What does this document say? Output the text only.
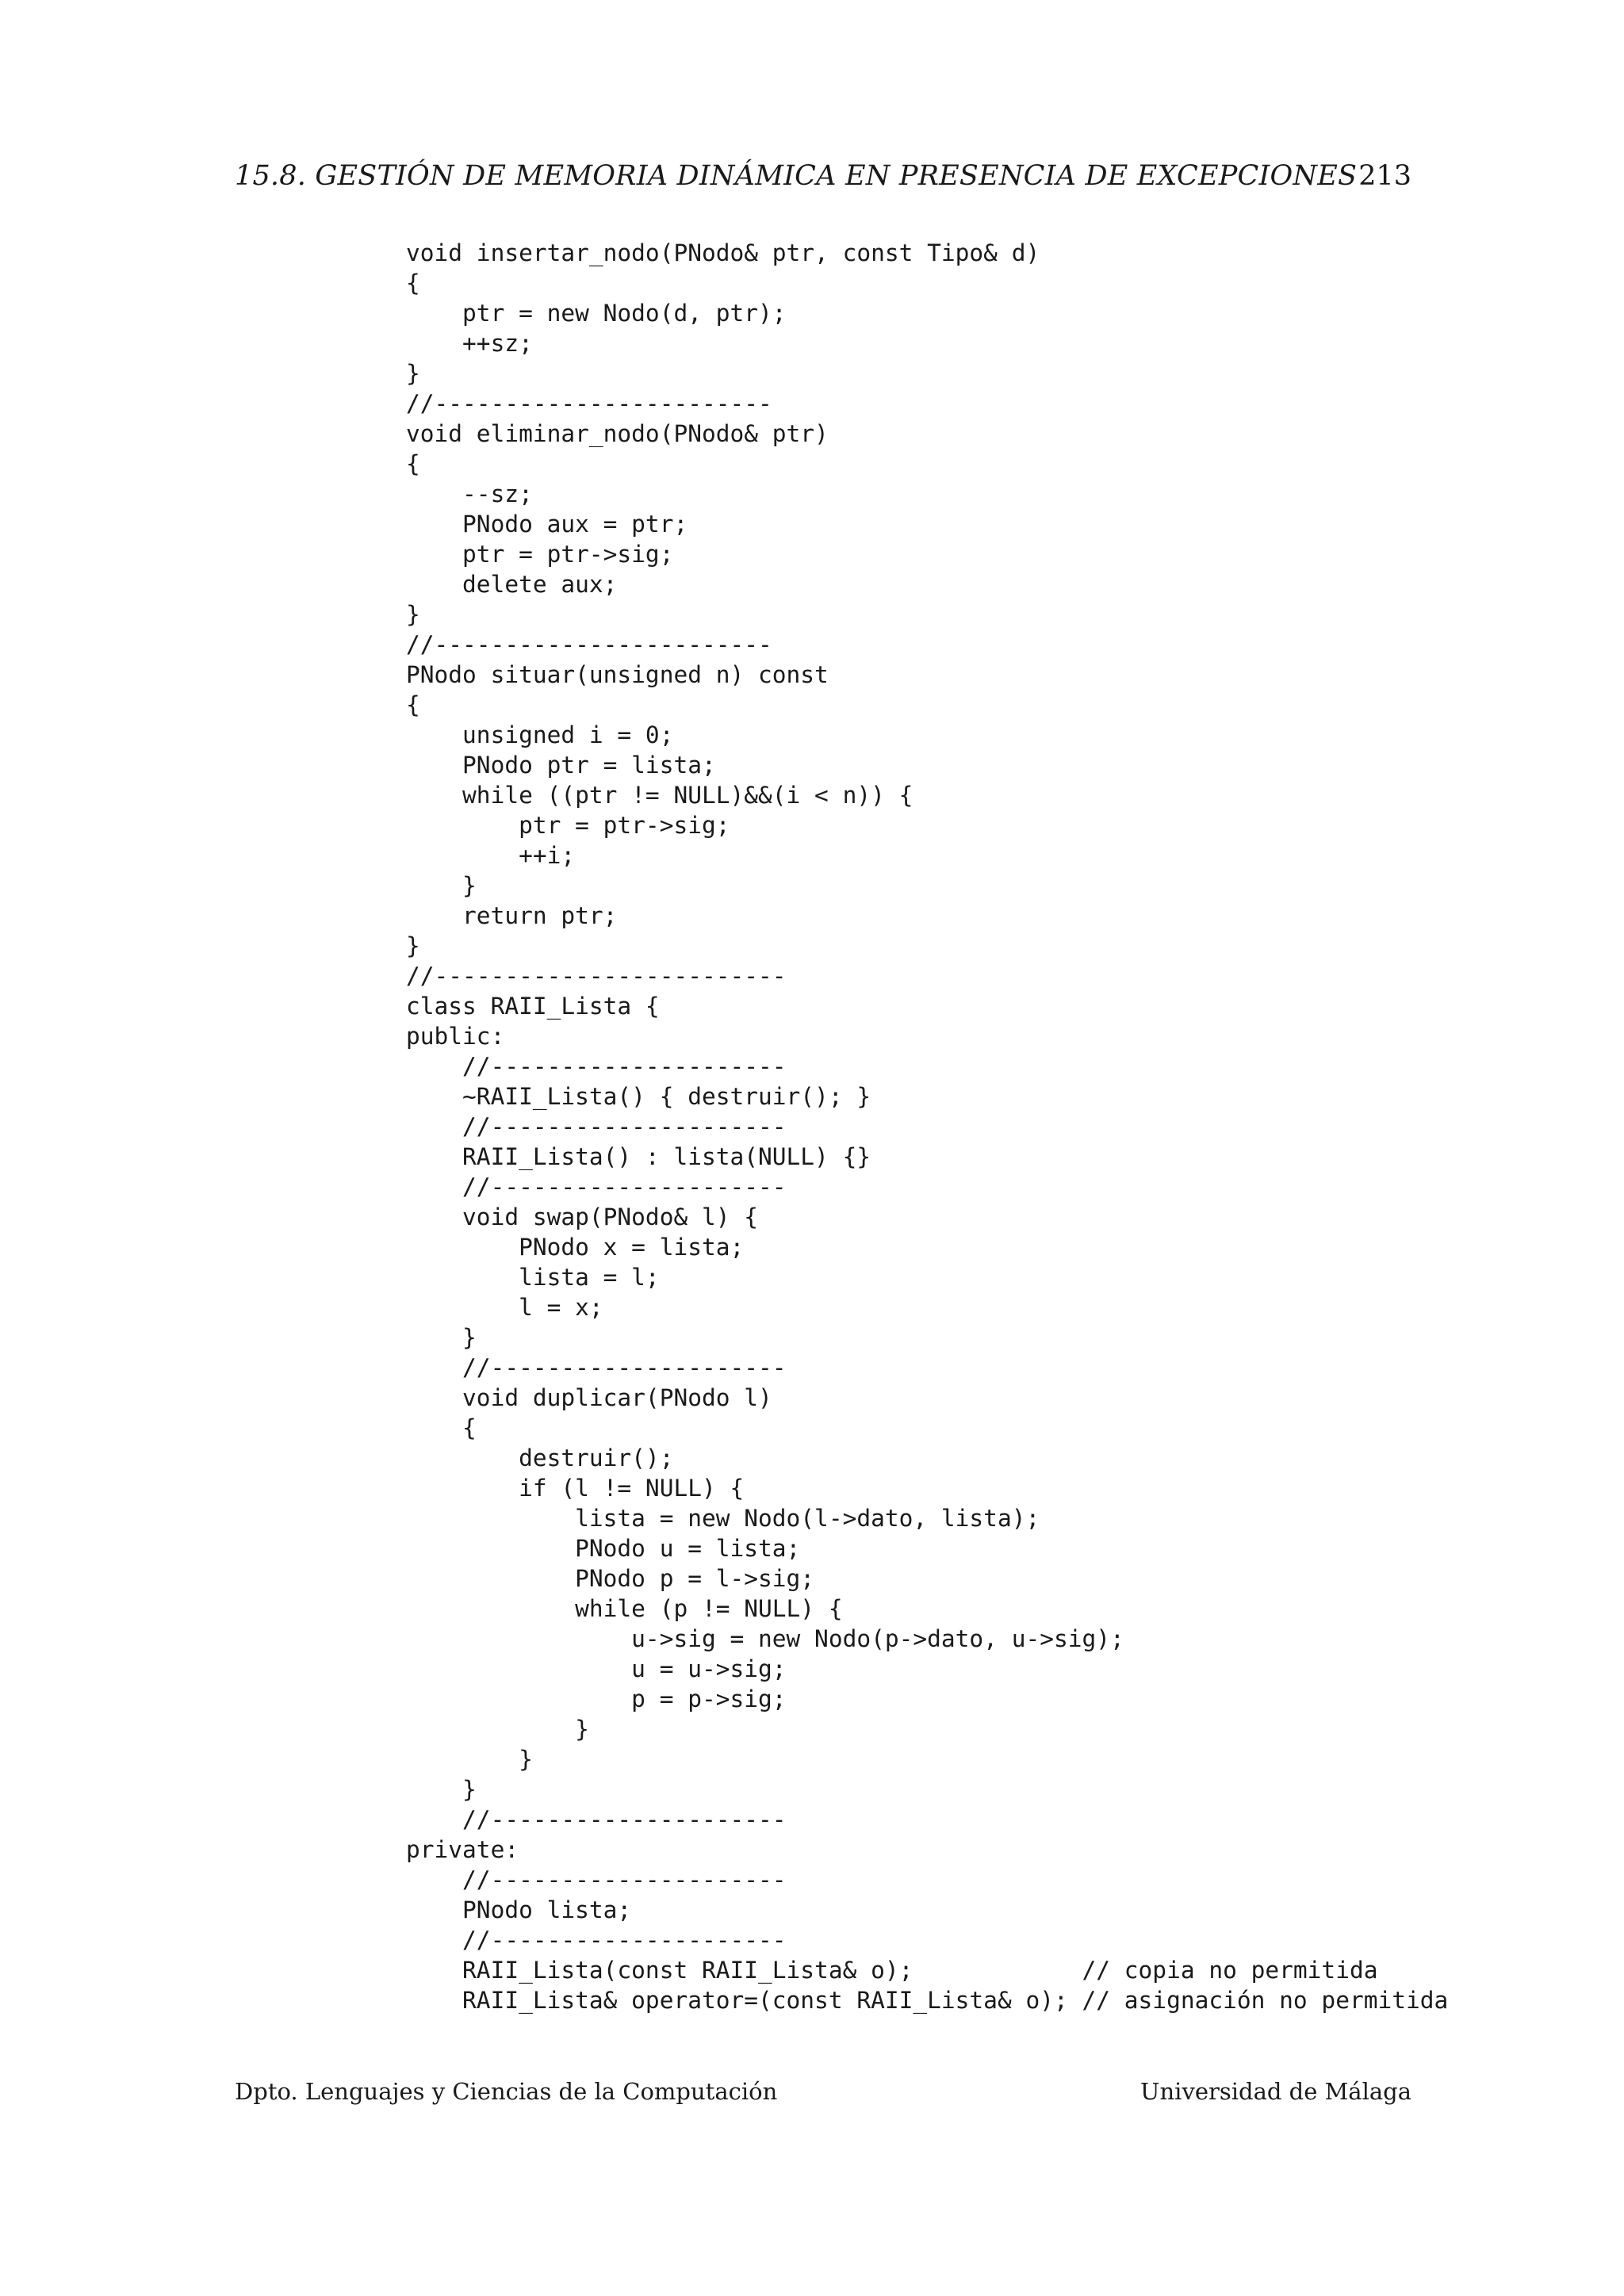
15.8. GESTIÓN DE MEMORIA DINÁMICA EN PRESENCIA DE EXCEPCIONES 213
void insertar_nodo(PNodo& ptr, const Tipo& d)
{
ptr = new Nodo(d, ptr);
++sz;
}
//------------------------
void eliminar_nodo(PNodo& ptr)
{
--sz;
PNodo aux = ptr;
ptr = ptr->sig;
delete aux;
}
//------------------------
PNodo situar(unsigned n) const
{
unsigned i = 0;
PNodo ptr = lista;
while ((ptr != NULL)&&(i < n)) {
ptr = ptr->sig;
++i;
}
return ptr;
}
//-------------------------
class RAII_Lista {
public:
//---------------------
~RAII_Lista() { destruir(); }
//---------------------
RAII_Lista() : lista(NULL) {}
//---------------------
void swap(PNodo& l) {
PNodo x = lista;
lista = l;
l = x;
}
//---------------------
void duplicar(PNodo l)
{
destruir();
if (l != NULL) {
lista = new Nodo(l->dato, lista);
PNodo u = lista;
PNodo p = l->sig;
while (p != NULL) {
u->sig = new Nodo(p->dato, u->sig);
u = u->sig;
p = p->sig;
}
}
}
//---------------------
private:
//---------------------
PNodo lista;
//---------------------
RAII_Lista(const RAII_Lista& o);            // copia no permitida
RAII_Lista& operator=(const RAII_Lista& o); // asignación no permitida
Dpto. Lenguajes y Ciencias de la Computación	Universidad de Málaga
